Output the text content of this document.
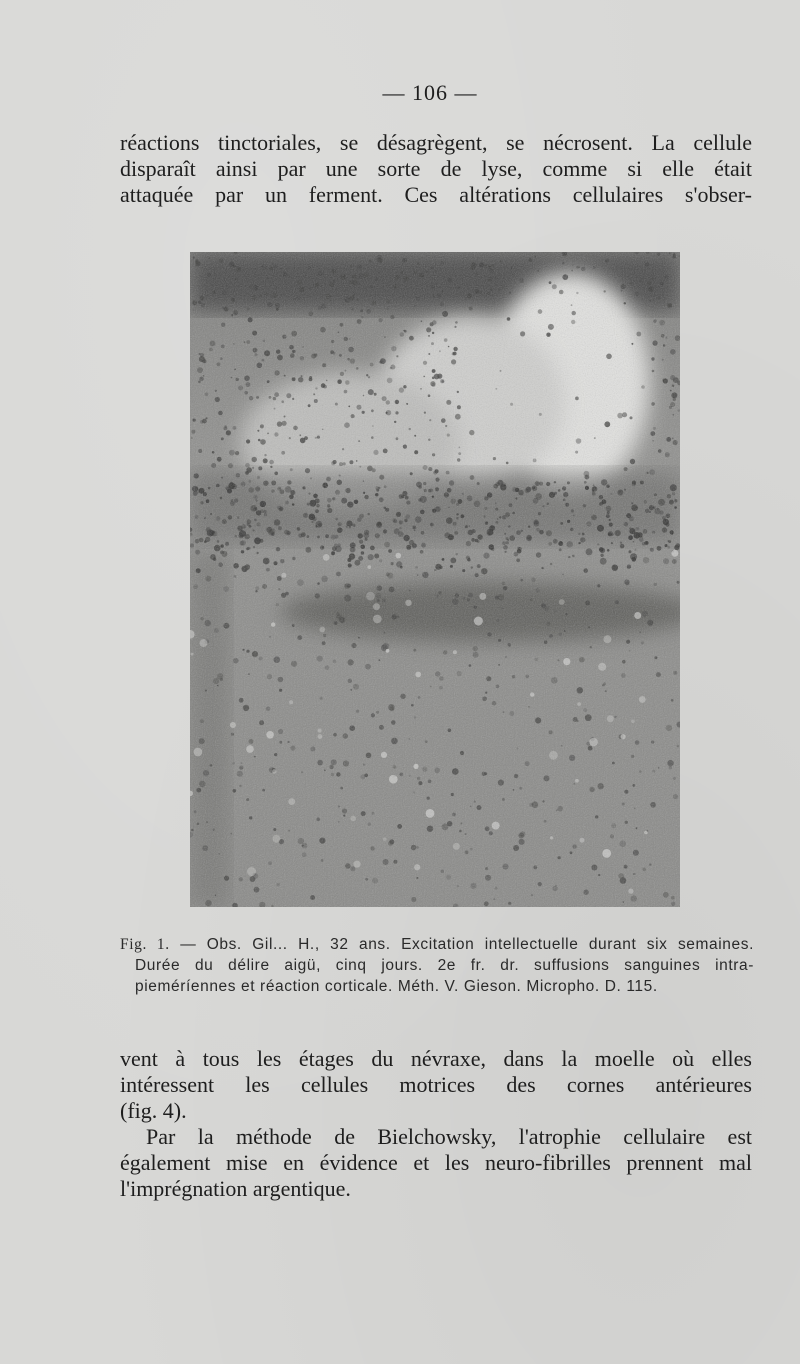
— 106 —
réactions tinctoriales, se désagrègent, se nécrosent. La cellule
disparaît ainsi par une sorte de lyse, comme si elle était
attaquée par un ferment. Ces altérations cellulaires s'obser-
Fig. 1. — Obs. Gil... H., 32 ans. Excitation intellectuelle durant six semaines.
Durée du délire aigü, cinq jours. 2e fr. dr. suffusions sanguines intra-
pieméríennes et réaction corticale. Méth. V. Gieson. Micropho. D. 115.
vent à tous les étages du névraxe, dans la moelle où elles
intéressent les cellules motrices des cornes antérieures
(fig. 4).
Par la méthode de Bielchowsky, l'atrophie cellulaire est
également mise en évidence et les neuro-fibrilles prennent mal
l'imprégnation argentique.
